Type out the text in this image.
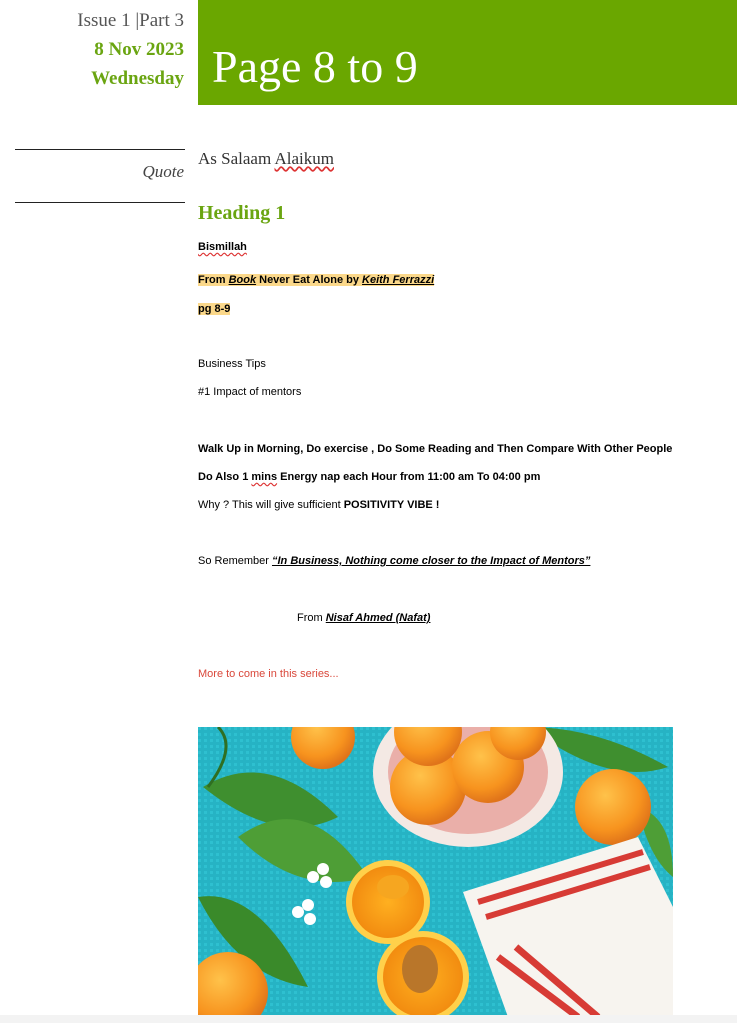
Issue 1 |Part 3
8 Nov 2023
Wednesday Page 8 to 9
Quote
As Salaam Alaikum
Heading 1
Bismillah
From Book Never Eat Alone by Keith Ferrazzi
pg 8-9
Business Tips
#1 Impact of mentors
Walk Up in Morning, Do exercise , Do Some Reading and Then Compare With Other People
Do Also 1 mins Energy nap each Hour from 11:00 am To 04:00 pm
Why ? This will give sufficient POSITIVITY VIBE !
So Remember “In Business, Nothing come closer to the Impact of Mentors”
From Nisaf Ahmed (Nafat)
More to come in this series...
